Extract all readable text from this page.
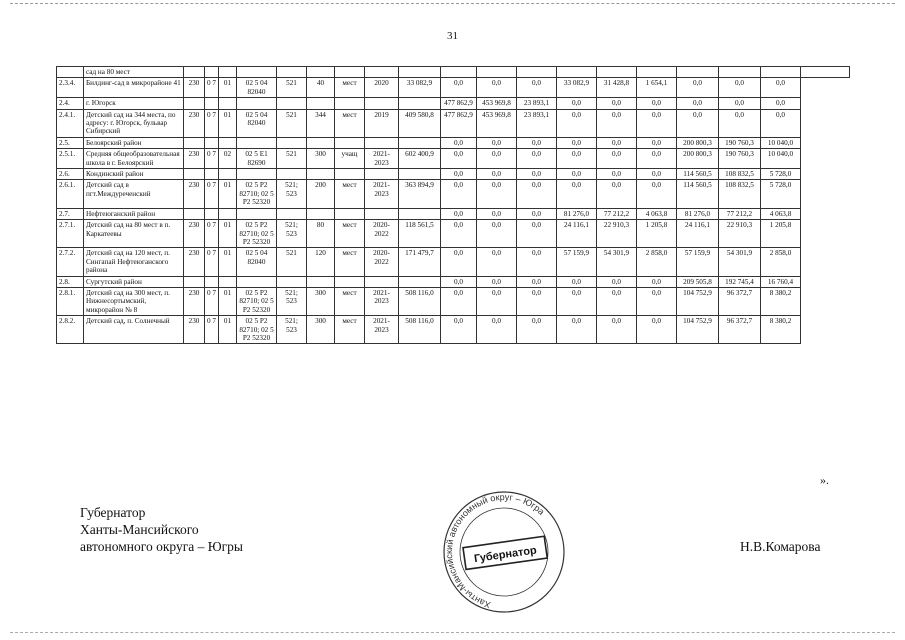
31
	сад на 80 мест																			
2.3.4.	Билдинг-сад в микрорайоне 41	230	0 7	01	02 5 04 82040	521	40	мест	2020	33 082,9	0,0	0,0	0,0	33 082,9	31 428,8	1 654,1	0,0	0,0	0,0	
2.4.	г. Югорск										477 862,9	453 969,8	23 893,1	0,0	0,0	0,0	0,0	0,0	0,0	
2.4.1.	Детский сад на 344 места, по адресу: г. Югорск, бульвар Сибирский	230	0 7	01	02 5 04 82040	521	344	мест	2019	409 580,8	477 862,9	453 969,8	23 893,1	0,0	0,0	0,0	0,0	0,0	0,0	
2.5.	Белоярский район										0,0	0,0	0,0	0,0	0,0	0,0	200 800,3	190 760,3	10 040,0	
2.5.1.	Средняя общеобразовательная школа в г. Белоярский	230	0 7	02	02 5 E1 82690	521	300	учащ	2021-2023	602 400,9	0,0	0,0	0,0	0,0	0,0	0,0	200 800,3	190 760,3	10 040,0	
2.6.	Кондинский район										0,0	0,0	0,0	0,0	0,0	0,0	114 560,5	108 832,5	5 728,0	
2.6.1.	Детский сад в пгт.Междуреченский	230	0 7	01	02 5 P2 82710; 02 5 P2 52320	521; 523	200	мест	2021-2023	363 894,9	0,0	0,0	0,0	0,0	0,0	0,0	114 560,5	108 832,5	5 728,0	
2.7.	Нефтеюганский район										0,0	0,0	0,0	81 276,0	77 212,2	4 063,8	81 276,0	77 212,2	4 063,8	
2.7.1.	Детский сад на 80 мест в п. Каркатеевы	230	0 7	01	02 5 P2 82710; 02 5 P2 52320	521; 523	80	мест	2020-2022	118 561,5	0,0	0,0	0,0	24 116,1	22 910,3	1 205,8	24 116,1	22 910,3	1 205,8	
2.7.2.	Детский сад на 120 мест, п. Сингапай Нефтеюганского района	230	0 7	01	02 5 04 82040	521	120	мест	2020-2022	171 479,7	0,0	0,0	0,0	57 159,9	54 301,9	2 858,0	57 159,9	54 301,9	2 858,0	
2.8.	Сургутский район										0,0	0,0	0,0	0,0	0,0	0,0	209 505,8	192 745,4	16 760,4	
2.8.1.	Детский сад на 300 мест, п. Нижнесортымский, микрорайон № 8	230	0 7	01	02 5 P2 82710; 02 5 P2 52320	521; 523	300	мест	2021-2023	508 116,0	0,0	0,0	0,0	0,0	0,0	0,0	104 752,9	96 372,7	8 380,2	
2.8.2.	Детский сад, п. Солнечный	230	0 7	01	02 5 P2 82710; 02 5 P2 52320	521; 523	300	мест	2021-2023	508 116,0	0,0	0,0	0,0	0,0	0,0	0,0	104 752,9	96 372,7	8 380,2	
».
Губернатор
Ханты-Мансийского
автономного округа – Югры	Н.В.Комарова
Ханты-Мансийский автономный округ – Югра
Губернатор
